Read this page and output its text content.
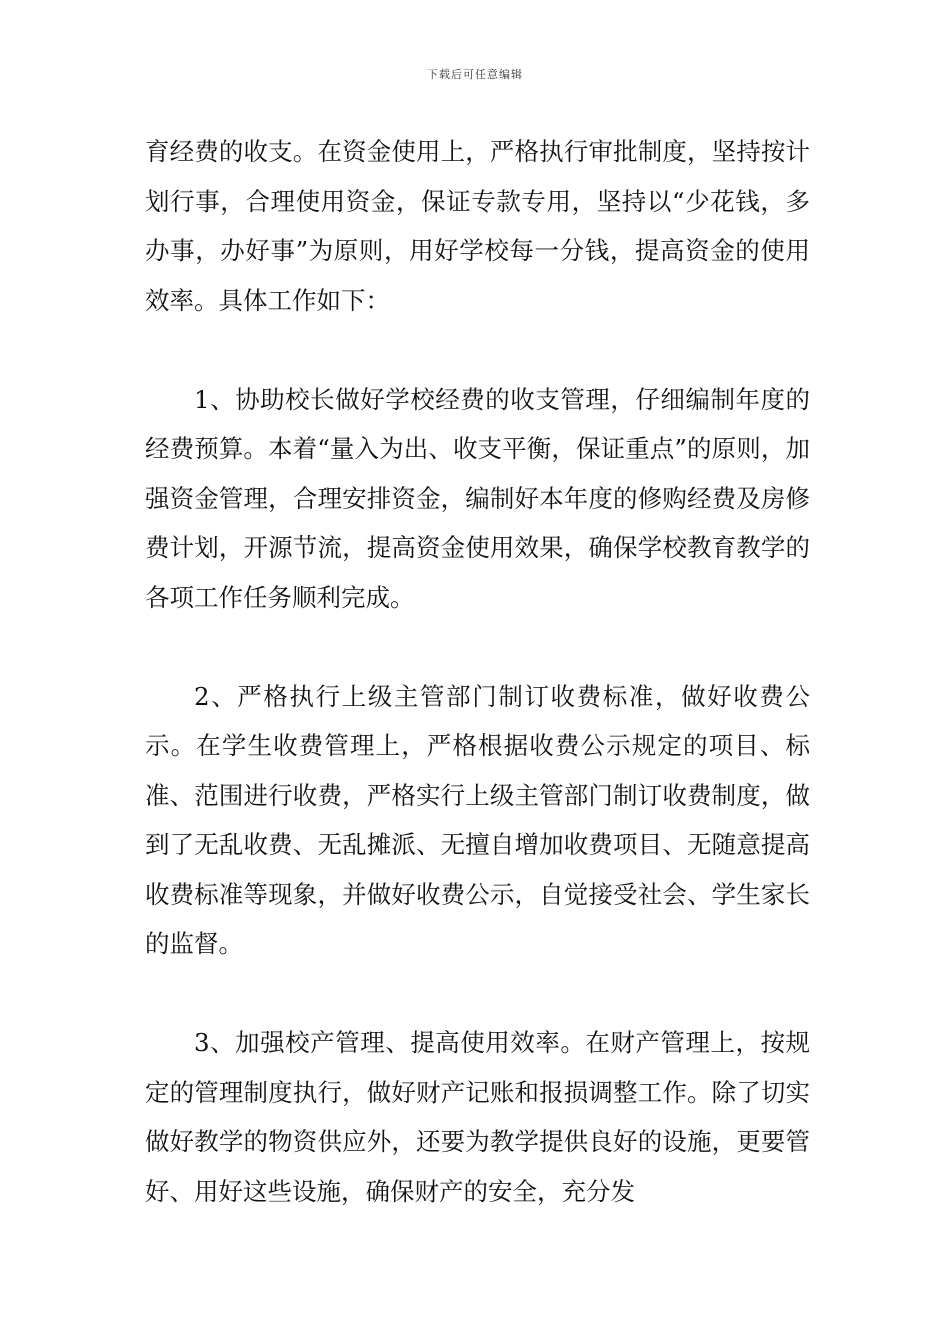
下载后可任意编辑

育经费的收支。在资金使用上，严格执行审批制度，坚持按计划行事，合理使用资金，保证专款专用，坚持以“少花钱，多办事，办好事”为原则，用好学校每一分钱，提高资金的使用效率。具体工作如下：

1、协助校长做好学校经费的收支管理，仔细编制年度的经费预算。本着“量入为出、收支平衡，保证重点”的原则，加强资金管理，合理安排资金，编制好本年度的修购经费及房修费计划，开源节流，提高资金使用效果，确保学校教育教学的各项工作任务顺利完成。

2、严格执行上级主管部门制订收费标准，做好收费公示。在学生收费管理上，严格根据收费公示规定的项目、标准、范围进行收费，严格实行上级主管部门制订收费制度，做到了无乱收费、无乱摊派、无擅自增加收费项目、无随意提高收费标准等现象，并做好收费公示，自觉接受社会、学生家长的监督。

3、加强校产管理、提高使用效率。在财产管理上，按规定的管理制度执行，做好财产记账和报损调整工作。除了切实做好教学的物资供应外，还要为教学提供良好的设施，更要管好、用好这些设施，确保财产的安全，充分发
